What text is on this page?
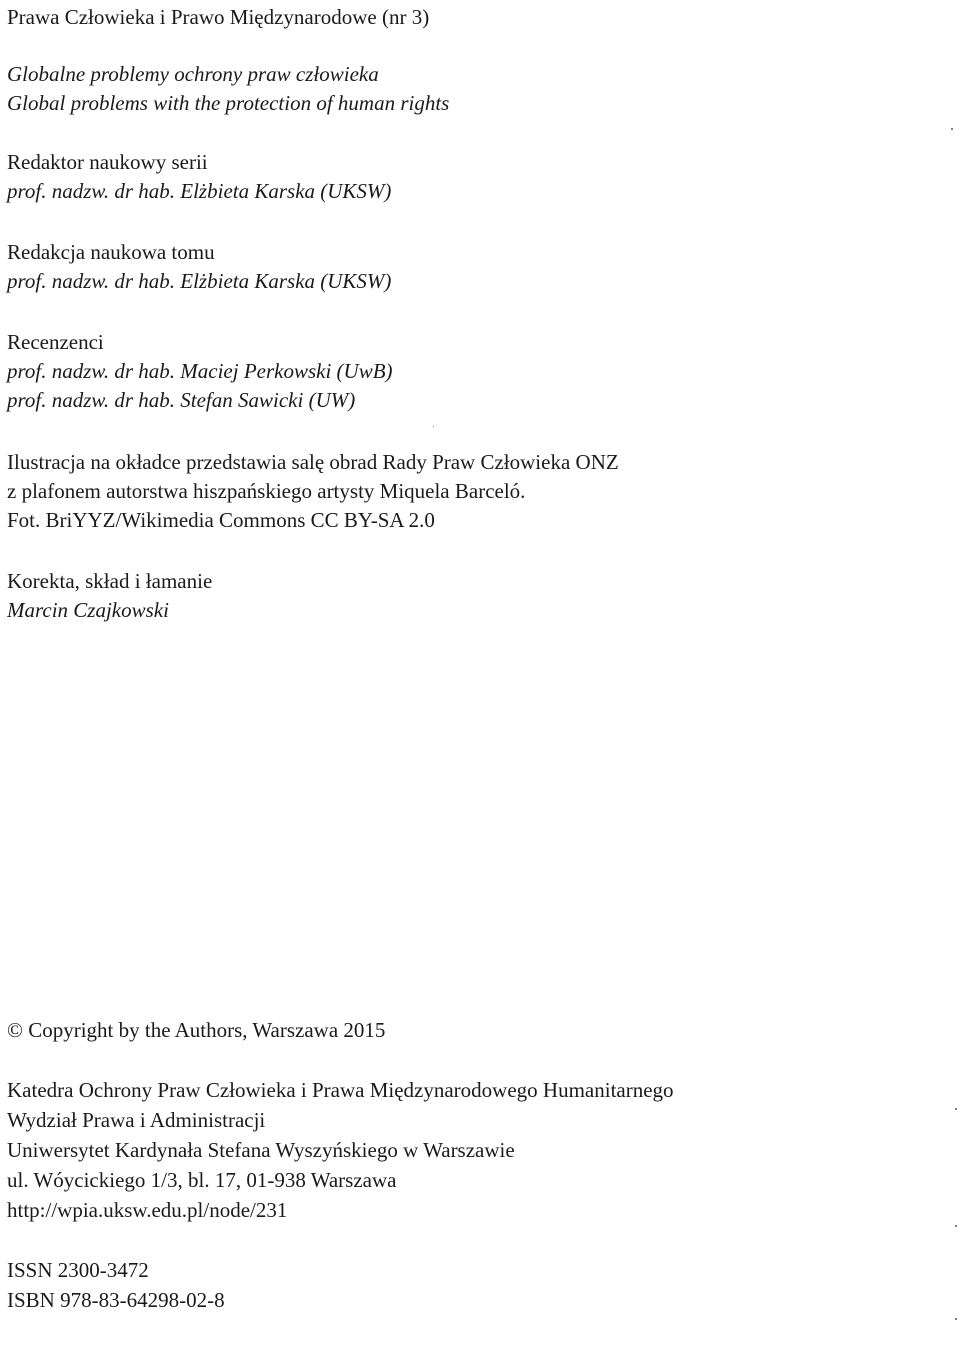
Prawa Człowieka i Prawo Międzynarodowe (nr 3)
Globalne problemy ochrony praw człowieka
Global problems with the protection of human rights
Redaktor naukowy serii
prof. nadzw. dr hab. Elżbieta Karska (UKSW)
Redakcja naukowa tomu
prof. nadzw. dr hab. Elżbieta Karska (UKSW)
Recenzenci
prof. nadzw. dr hab. Maciej Perkowski (UwB)
prof. nadzw. dr hab. Stefan Sawicki (UW)
Ilustracja na okładce przedstawia salę obrad Rady Praw Człowieka ONZ
z plafonem autorstwa hiszpańskiego artysty Miquela Barceló.
Fot. BriYYZ/Wikimedia Commons CC BY-SA 2.0
Korekta, skład i łamanie
Marcin Czajkowski
© Copyright by the Authors, Warszawa 2015
Katedra Ochrony Praw Człowieka i Prawa Międzynarodowego Humanitarnego
Wydział Prawa i Administracji
Uniwersytet Kardynała Stefana Wyszyńskiego w Warszawie
ul. Wóycickiego 1/3, bl. 17, 01-938 Warszawa
http://wpia.uksw.edu.pl/node/231
ISSN 2300-3472
ISBN 978-83-64298-02-8
